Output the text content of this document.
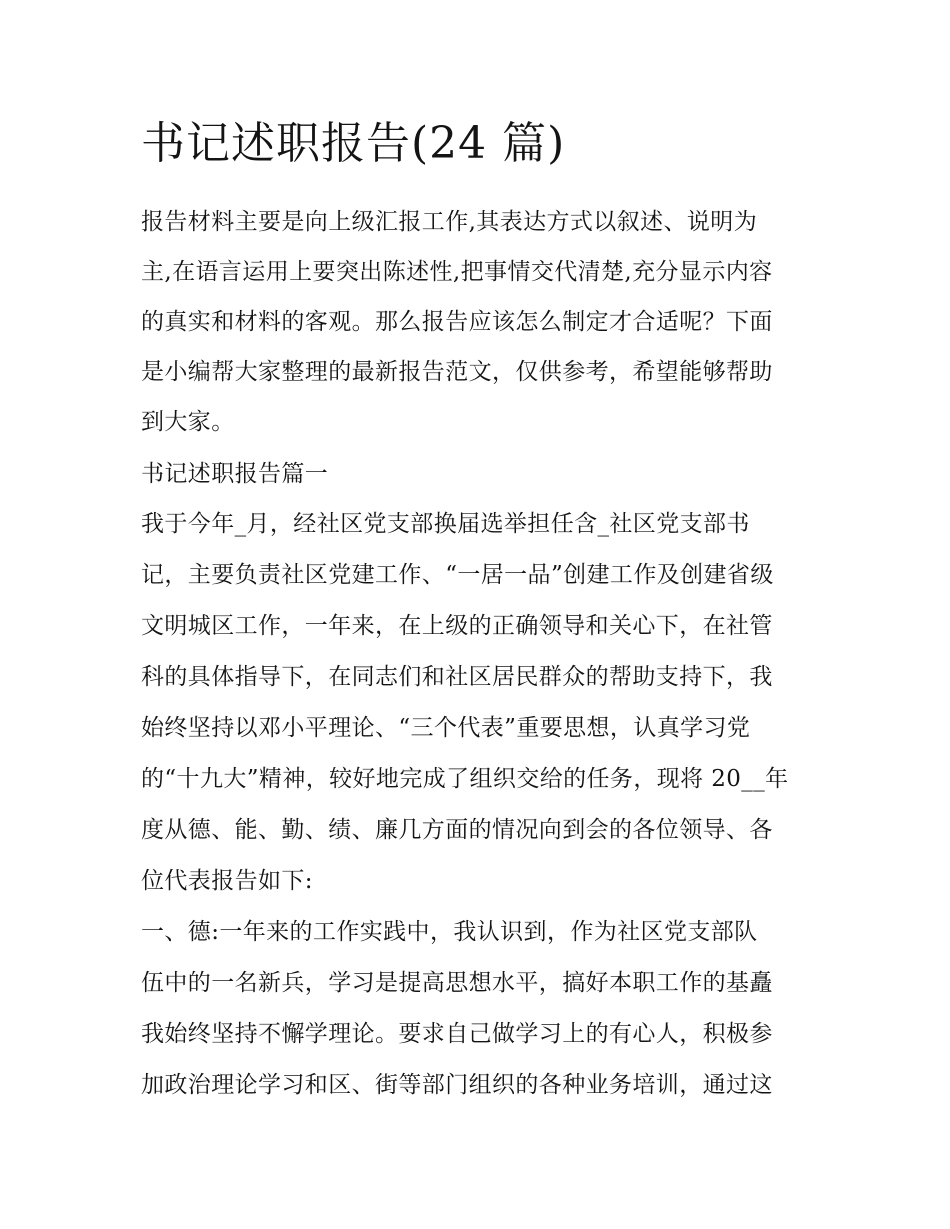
书记述职报告(24 篇)

报告材料主要是向上级汇报工作,其表达方式以叙述、说明为

主,在语言运用上要突出陈述性,把事情交代清楚,充分显示内容

的真实和材料的客观。那么报告应该怎么制定才合适呢？下面

是小编帮大家整理的最新报告范文，仅供参考，希望能够帮助

到大家。

书记述职报告篇一

我于今年_月，经社区党支部换届选举担任含_社区党支部书

记，主要负责社区党建工作、“一居一品”创建工作及创建省级

文明城区工作，一年来，在上级的正确领导和关心下，在社管

科的具体指导下，在同志们和社区居民群众的帮助支持下，我

始终坚持以邓小平理论、“三个代表”重要思想，认真学习党

的“十九大”精神，较好地完成了组织交给的任务，现将 20__年

度从德、能、勤、绩、廉几方面的情况向到会的各位领导、各

位代表报告如下:

一、德:一年来的工作实践中，我认识到，作为社区党支部队

伍中的一名新兵，学习是提高思想水平，搞好本职工作的基矗

我始终坚持不懈学理论。要求自己做学习上的有心人，积极参

加政治理论学习和区、街等部门组织的各种业务培训，通过这
